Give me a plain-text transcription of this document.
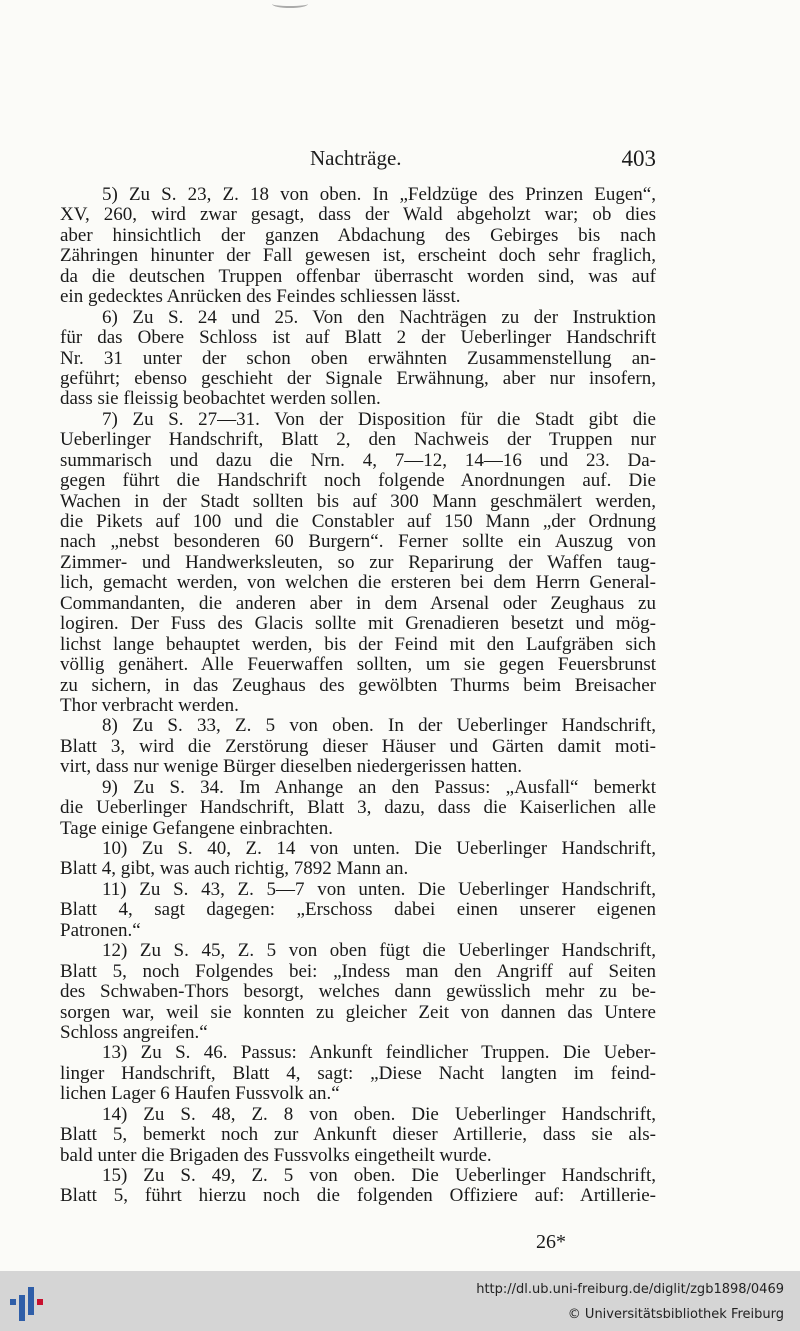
Nachträge.	403
5) Zu S. 23, Z. 18 von oben. In „Feldzüge des Prinzen Eugen“,
XV, 260, wird zwar gesagt, dass der Wald abgeholzt war; ob dies
aber hinsichtlich der ganzen Abdachung des Gebirges bis nach
Zähringen hinunter der Fall gewesen ist, erscheint doch sehr fraglich,
da die deutschen Truppen offenbar überrascht worden sind, was auf
ein gedecktes Anrücken des Feindes schliessen lässt.
6) Zu S. 24 und 25. Von den Nachträgen zu der Instruktion
für das Obere Schloss ist auf Blatt 2 der Ueberlinger Handschrift
Nr. 31 unter der schon oben erwähnten Zusammenstellung an-
geführt; ebenso geschieht der Signale Erwähnung, aber nur insofern,
dass sie fleissig beobachtet werden sollen.
7) Zu S. 27—31. Von der Disposition für die Stadt gibt die
Ueberlinger Handschrift, Blatt 2, den Nachweis der Truppen nur
summarisch und dazu die Nrn. 4, 7—12, 14—16 und 23. Da-
gegen führt die Handschrift noch folgende Anordnungen auf. Die
Wachen in der Stadt sollten bis auf 300 Mann geschmälert werden,
die Pikets auf 100 und die Constabler auf 150 Mann „der Ordnung
nach „nebst besonderen 60 Burgern“. Ferner sollte ein Auszug von
Zimmer- und Handwerksleuten, so zur Reparirung der Waffen taug-
lich, gemacht werden, von welchen die ersteren bei dem Herrn General-
Commandanten, die anderen aber in dem Arsenal oder Zeughaus zu
logiren. Der Fuss des Glacis sollte mit Grenadieren besetzt und mög-
lichst lange behauptet werden, bis der Feind mit den Laufgräben sich
völlig genähert. Alle Feuerwaffen sollten, um sie gegen Feuersbrunst
zu sichern, in das Zeughaus des gewölbten Thurms beim Breisacher
Thor verbracht werden.
8) Zu S. 33, Z. 5 von oben. In der Ueberlinger Handschrift,
Blatt 3, wird die Zerstörung dieser Häuser und Gärten damit moti-
virt, dass nur wenige Bürger dieselben niedergerissen hatten.
9) Zu S. 34. Im Anhange an den Passus: „Ausfall“ bemerkt
die Ueberlinger Handschrift, Blatt 3, dazu, dass die Kaiserlichen alle
Tage einige Gefangene einbrachten.
10) Zu S. 40, Z. 14 von unten. Die Ueberlinger Handschrift,
Blatt 4, gibt, was auch richtig, 7892 Mann an.
11) Zu S. 43, Z. 5—7 von unten. Die Ueberlinger Handschrift,
Blatt 4, sagt dagegen: „Erschoss dabei einen unserer eigenen
Patronen.“
12) Zu S. 45, Z. 5 von oben fügt die Ueberlinger Handschrift,
Blatt 5, noch Folgendes bei: „Indess man den Angriff auf Seiten
des Schwaben-Thors besorgt, welches dann gewüsslich mehr zu be-
sorgen war, weil sie konnten zu gleicher Zeit von dannen das Untere
Schloss angreifen.“
13) Zu S. 46. Passus: Ankunft feindlicher Truppen. Die Ueber-
linger Handschrift, Blatt 4, sagt: „Diese Nacht langten im feind-
lichen Lager 6 Haufen Fussvolk an.“
14) Zu S. 48, Z. 8 von oben. Die Ueberlinger Handschrift,
Blatt 5, bemerkt noch zur Ankunft dieser Artillerie, dass sie als-
bald unter die Brigaden des Fussvolks eingetheilt wurde.
15) Zu S. 49, Z. 5 von oben. Die Ueberlinger Handschrift,
Blatt 5, führt hierzu noch die folgenden Offiziere auf: Artillerie-
26*
http://dl.ub.uni-freiburg.de/diglit/zgb1898/0469
© Universitätsbibliothek Freiburg
